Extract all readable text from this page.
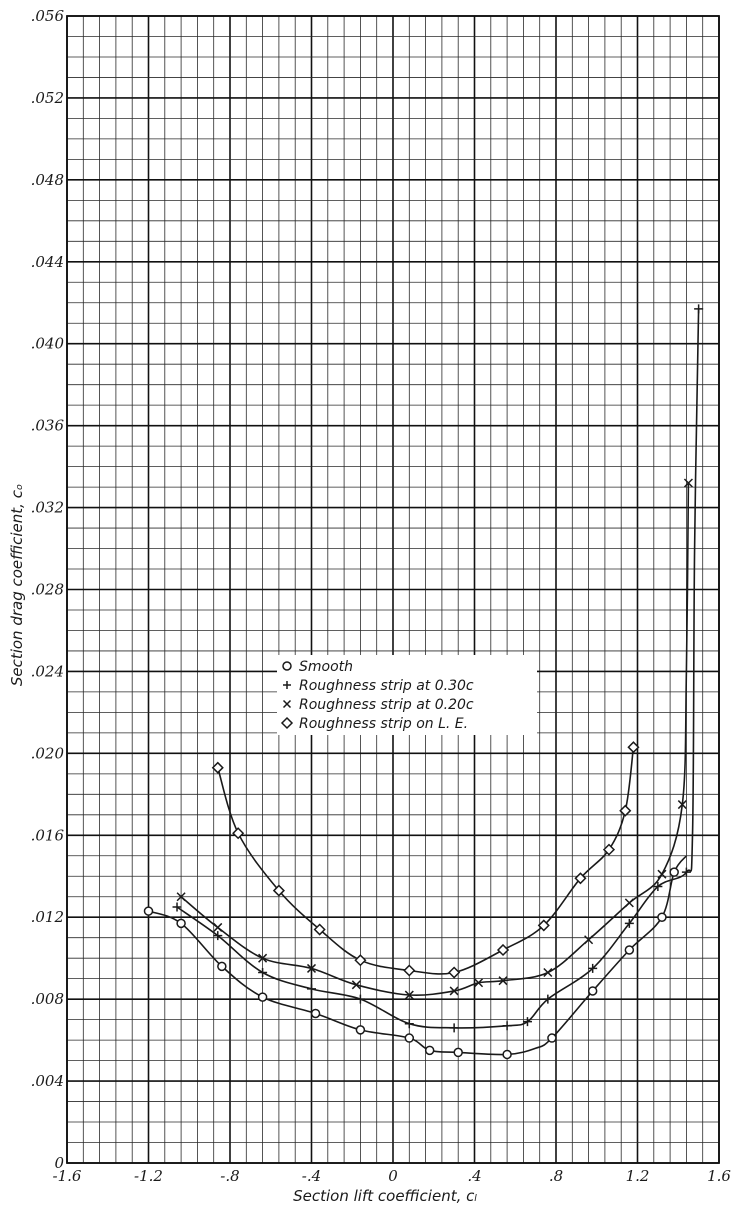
-1.6	-1.2	-.8	-.4	0	.4	.8	1.2	1.6
0
.004
.008
.012
.016
.020
.024
.028
.032
.036
.040
.044
.048
.052
.056
Section lift coefficient, cₗ
Section drag coefficient, cₒ	Smooth
Roughness strip at 0.30c
Roughness strip at 0.20c
Roughness strip on L. E.
